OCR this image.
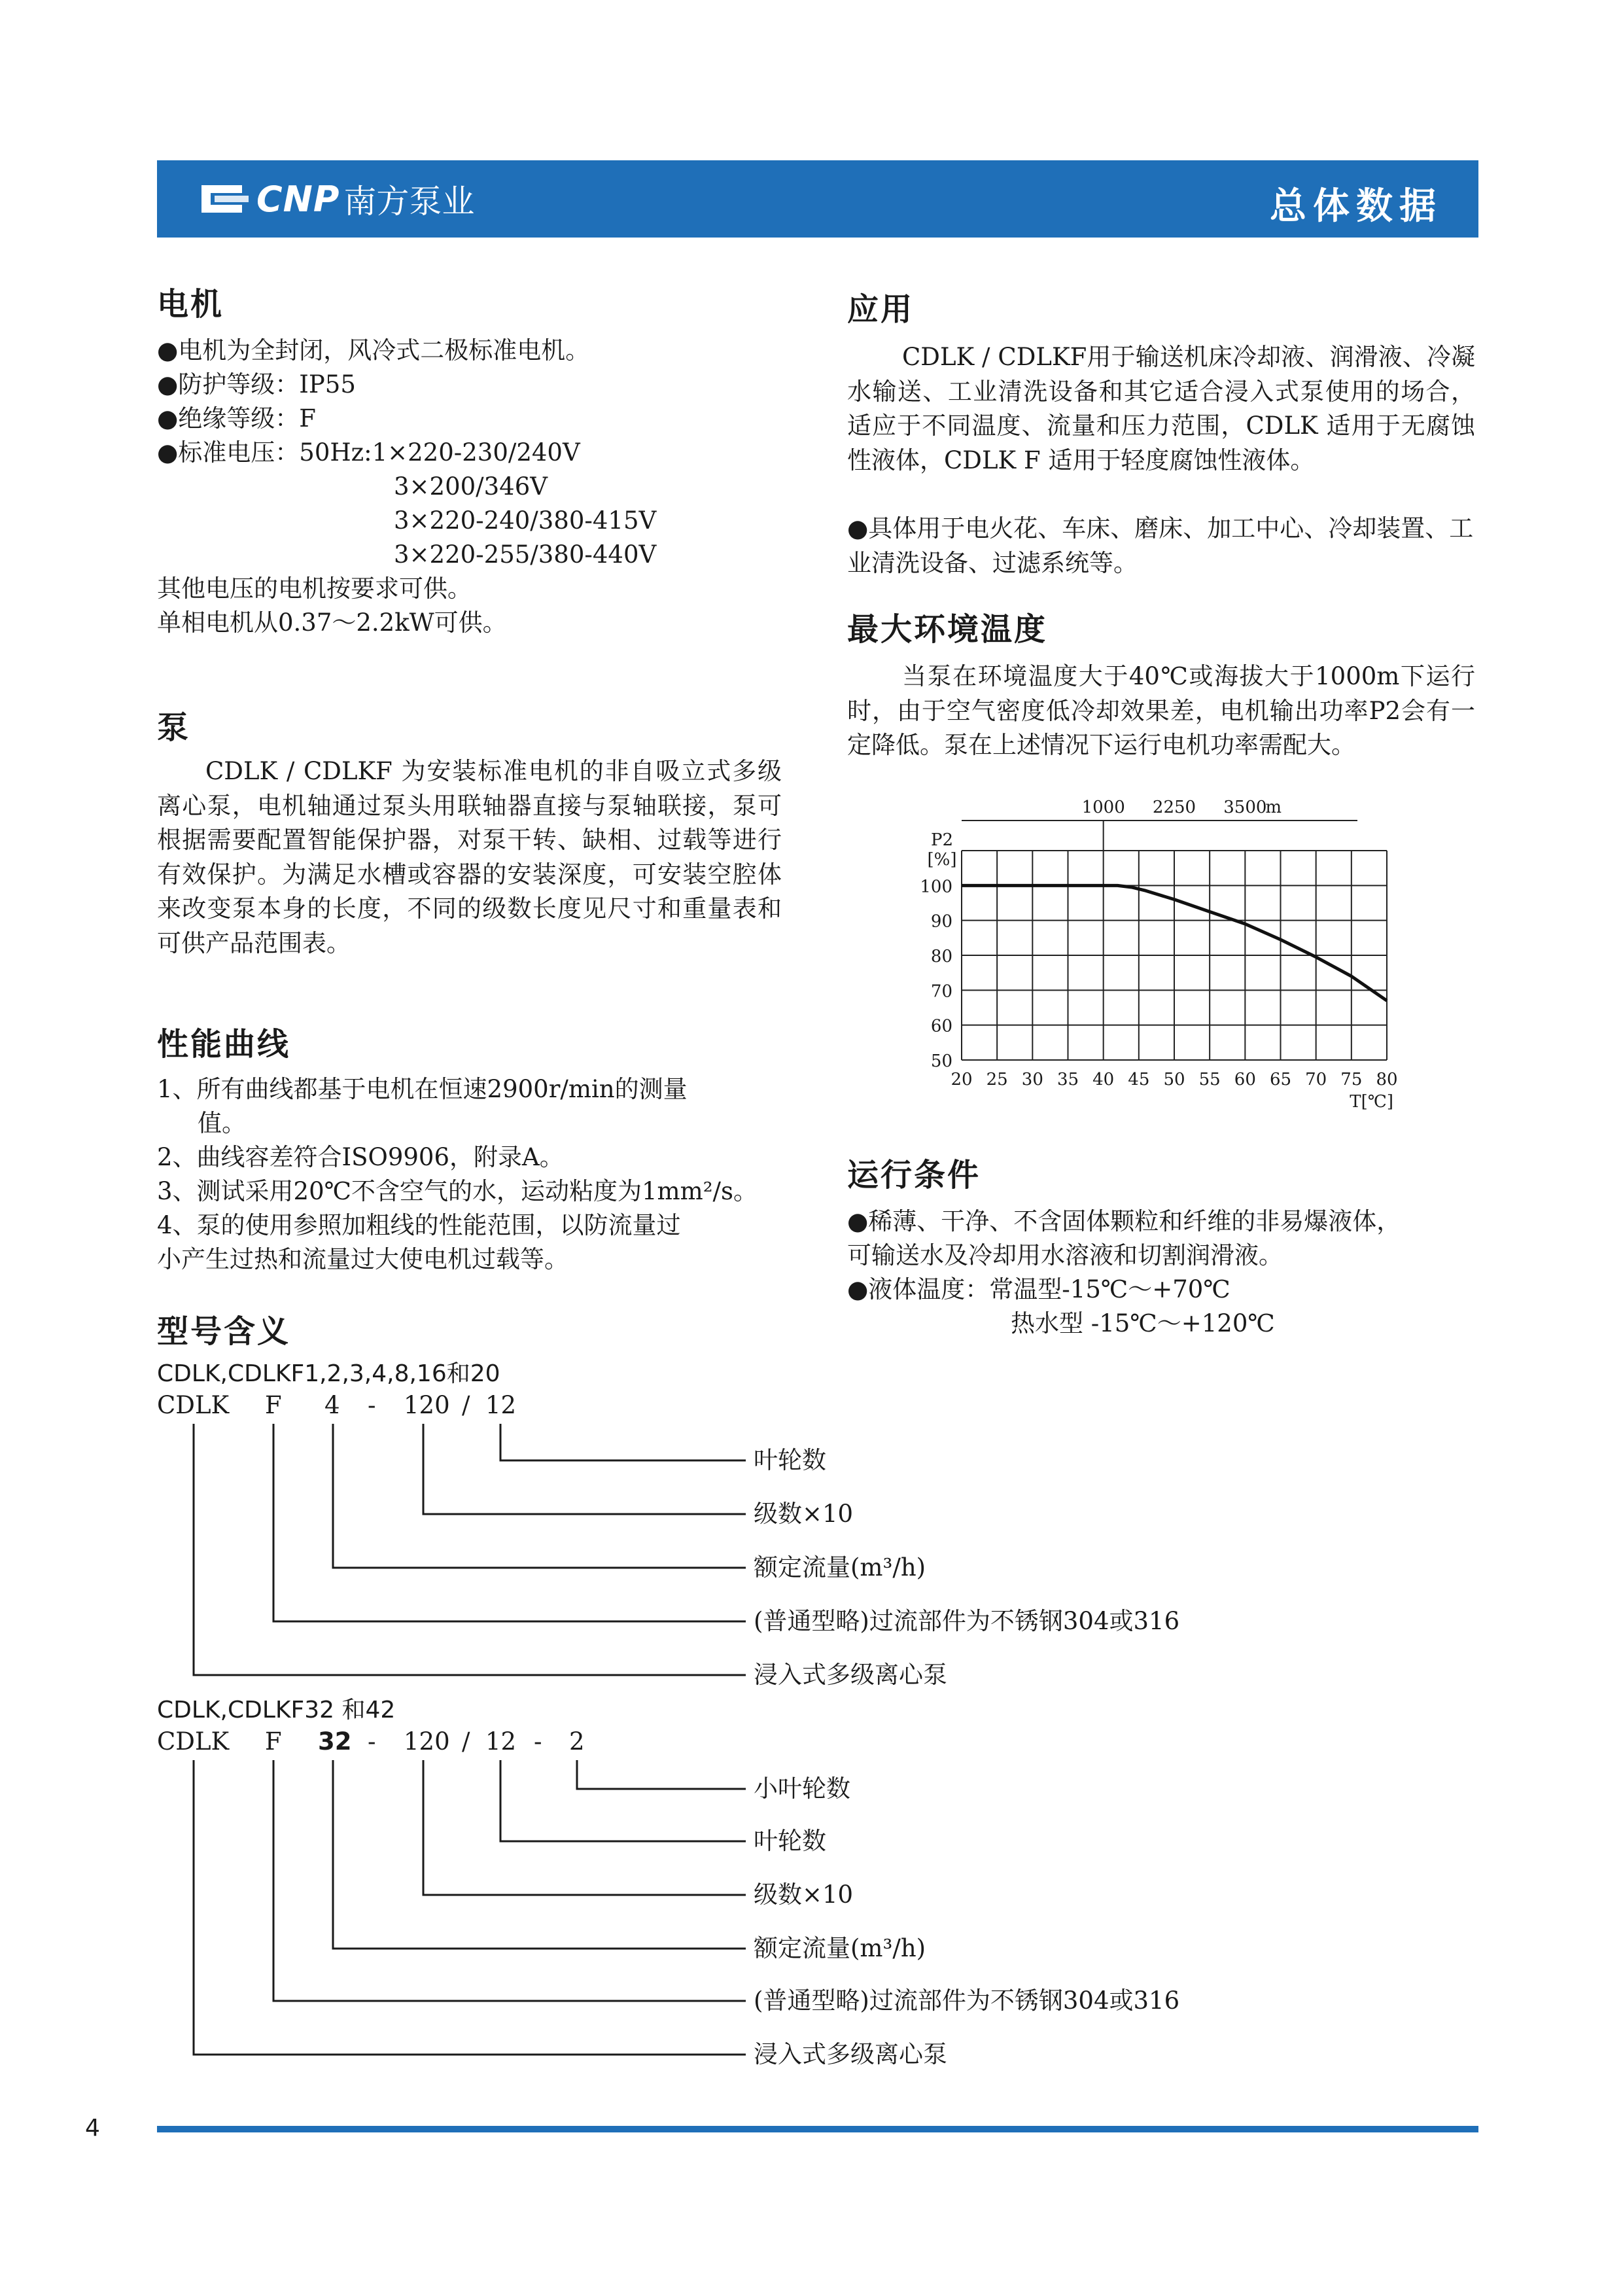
CNP 南方泵业	总体数据
电机
●电机为全封闭，风冷式二极标准电机。
●防护等级：IP55
●绝缘等级：F
●标准电压：50Hz:1×220-230/240V
3×200/346V
3×220-240/380-415V
3×220-255/380-440V
其他电压的电机按要求可供。
单相电机从0.37～2.2kW可供。
泵
CDLK / CDLKF 为安装标准电机的非自吸立式多级离心泵，电机轴通过泵头用联轴器直接与泵轴联接，泵可根据需要配置智能保护器，对泵干转、缺相、过载等进行有效保护。为满足水槽或容器的安装深度，可安装空腔体来改变泵本身的长度，不同的级数长度见尺寸和重量表和可供产品范围表。
性能曲线
1、所有曲线都基于电机在恒速2900r/min的测量
值。
2、曲线容差符合ISO9906，附录A。
3、测试采用20℃不含空气的水，运动粘度为1mm²/s。
4、泵的使用参照加粗线的性能范围，以防流量过
小产生过热和流量过大使电机过载等。
型号含义
CDLK,CDLKF1,2,3,4,8,16和20
CDLK F 4 - 120 / 12
叶轮数
级数×10
额定流量(m³/h)
(普通型略)过流部件为不锈钢304或316
浸入式多级离心泵
CDLK,CDLKF32 和42
CDLK F 32 - 120 / 12 - 2
小叶轮数
叶轮数
级数×10
额定流量(m³/h)
(普通型略)过流部件为不锈钢304或316
浸入式多级离心泵
应用
CDLK / CDLKF用于输送机床冷却液、润滑液、冷凝水输送、工业清洗设备和其它适合浸入式泵使用的场合，适应于不同温度、流量和压力范围，CDLK 适用于无腐蚀性液体，CDLK F 适用于轻度腐蚀性液体。
●具体用于电火花、车床、磨床、加工中心、冷却装置、工业清洗设备、过滤系统等。
最大环境温度
当泵在环境温度大于40℃或海拔大于1000m下运行时，由于空气密度低冷却效果差，电机输出功率P2会有一定降低。泵在上述情况下运行电机功率需配大。
100
90
80
70
60
50
20 25 30 35 40 45 50 55 60 65 70 75 80
P2
[%]
T[℃]
1000 2250 3500
m
运行条件
●稀薄、干净、不含固体颗粒和纤维的非易爆液体，
可输送水及冷却用水溶液和切割润滑液。
●液体温度：常温型-15℃～+70℃
热水型 -15℃～+120℃
4
